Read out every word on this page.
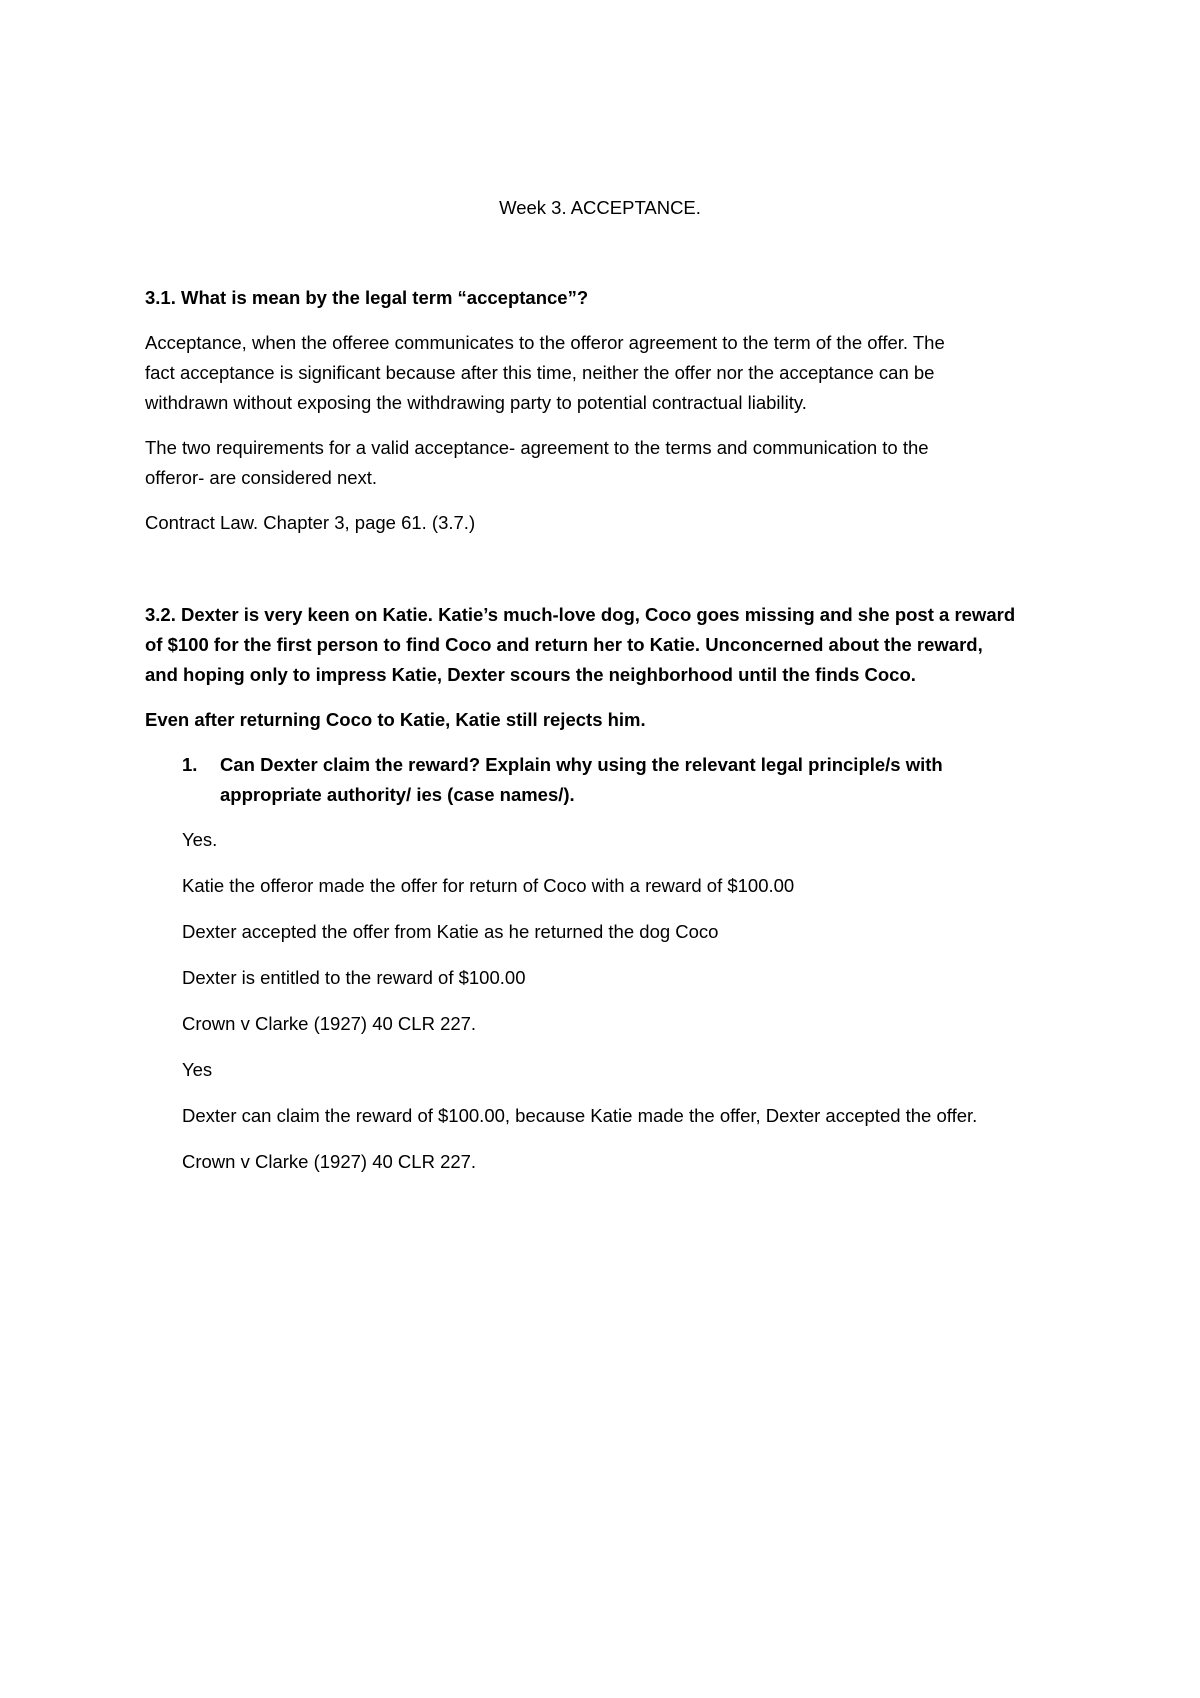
Week 3. ACCEPTANCE.
3.1. What is mean by the legal term “acceptance”?
Acceptance, when the offeree communicates to the offeror agreement to the term of the offer. The
fact acceptance is significant because after this time, neither the offer nor the acceptance can be
withdrawn without exposing the withdrawing party to potential contractual liability.
The two requirements for a valid acceptance- agreement to the terms and communication to the
offeror- are considered next.
Contract Law. Chapter 3, page 61. (3.7.)
3.2. Dexter is very keen on Katie. Katie’s much-love dog, Coco goes missing and she post a reward
of $100 for the first person to find Coco and return her to Katie. Unconcerned about the reward,
and hoping only to impress Katie, Dexter scours the neighborhood until the finds Coco.
Even after returning Coco to Katie, Katie still rejects him.
1. Can Dexter claim the reward? Explain why using the relevant legal principle/s with
appropriate authority/ ies (case names/).
Yes.
Katie the offeror made the offer for return of Coco with a reward of $100.00
Dexter accepted the offer from Katie as he returned the dog Coco
Dexter is entitled to the reward of $100.00
Crown v Clarke (1927) 40 CLR 227.
Yes
Dexter can claim the reward of $100.00, because Katie made the offer, Dexter accepted the offer.
Crown v Clarke (1927) 40 CLR 227.
